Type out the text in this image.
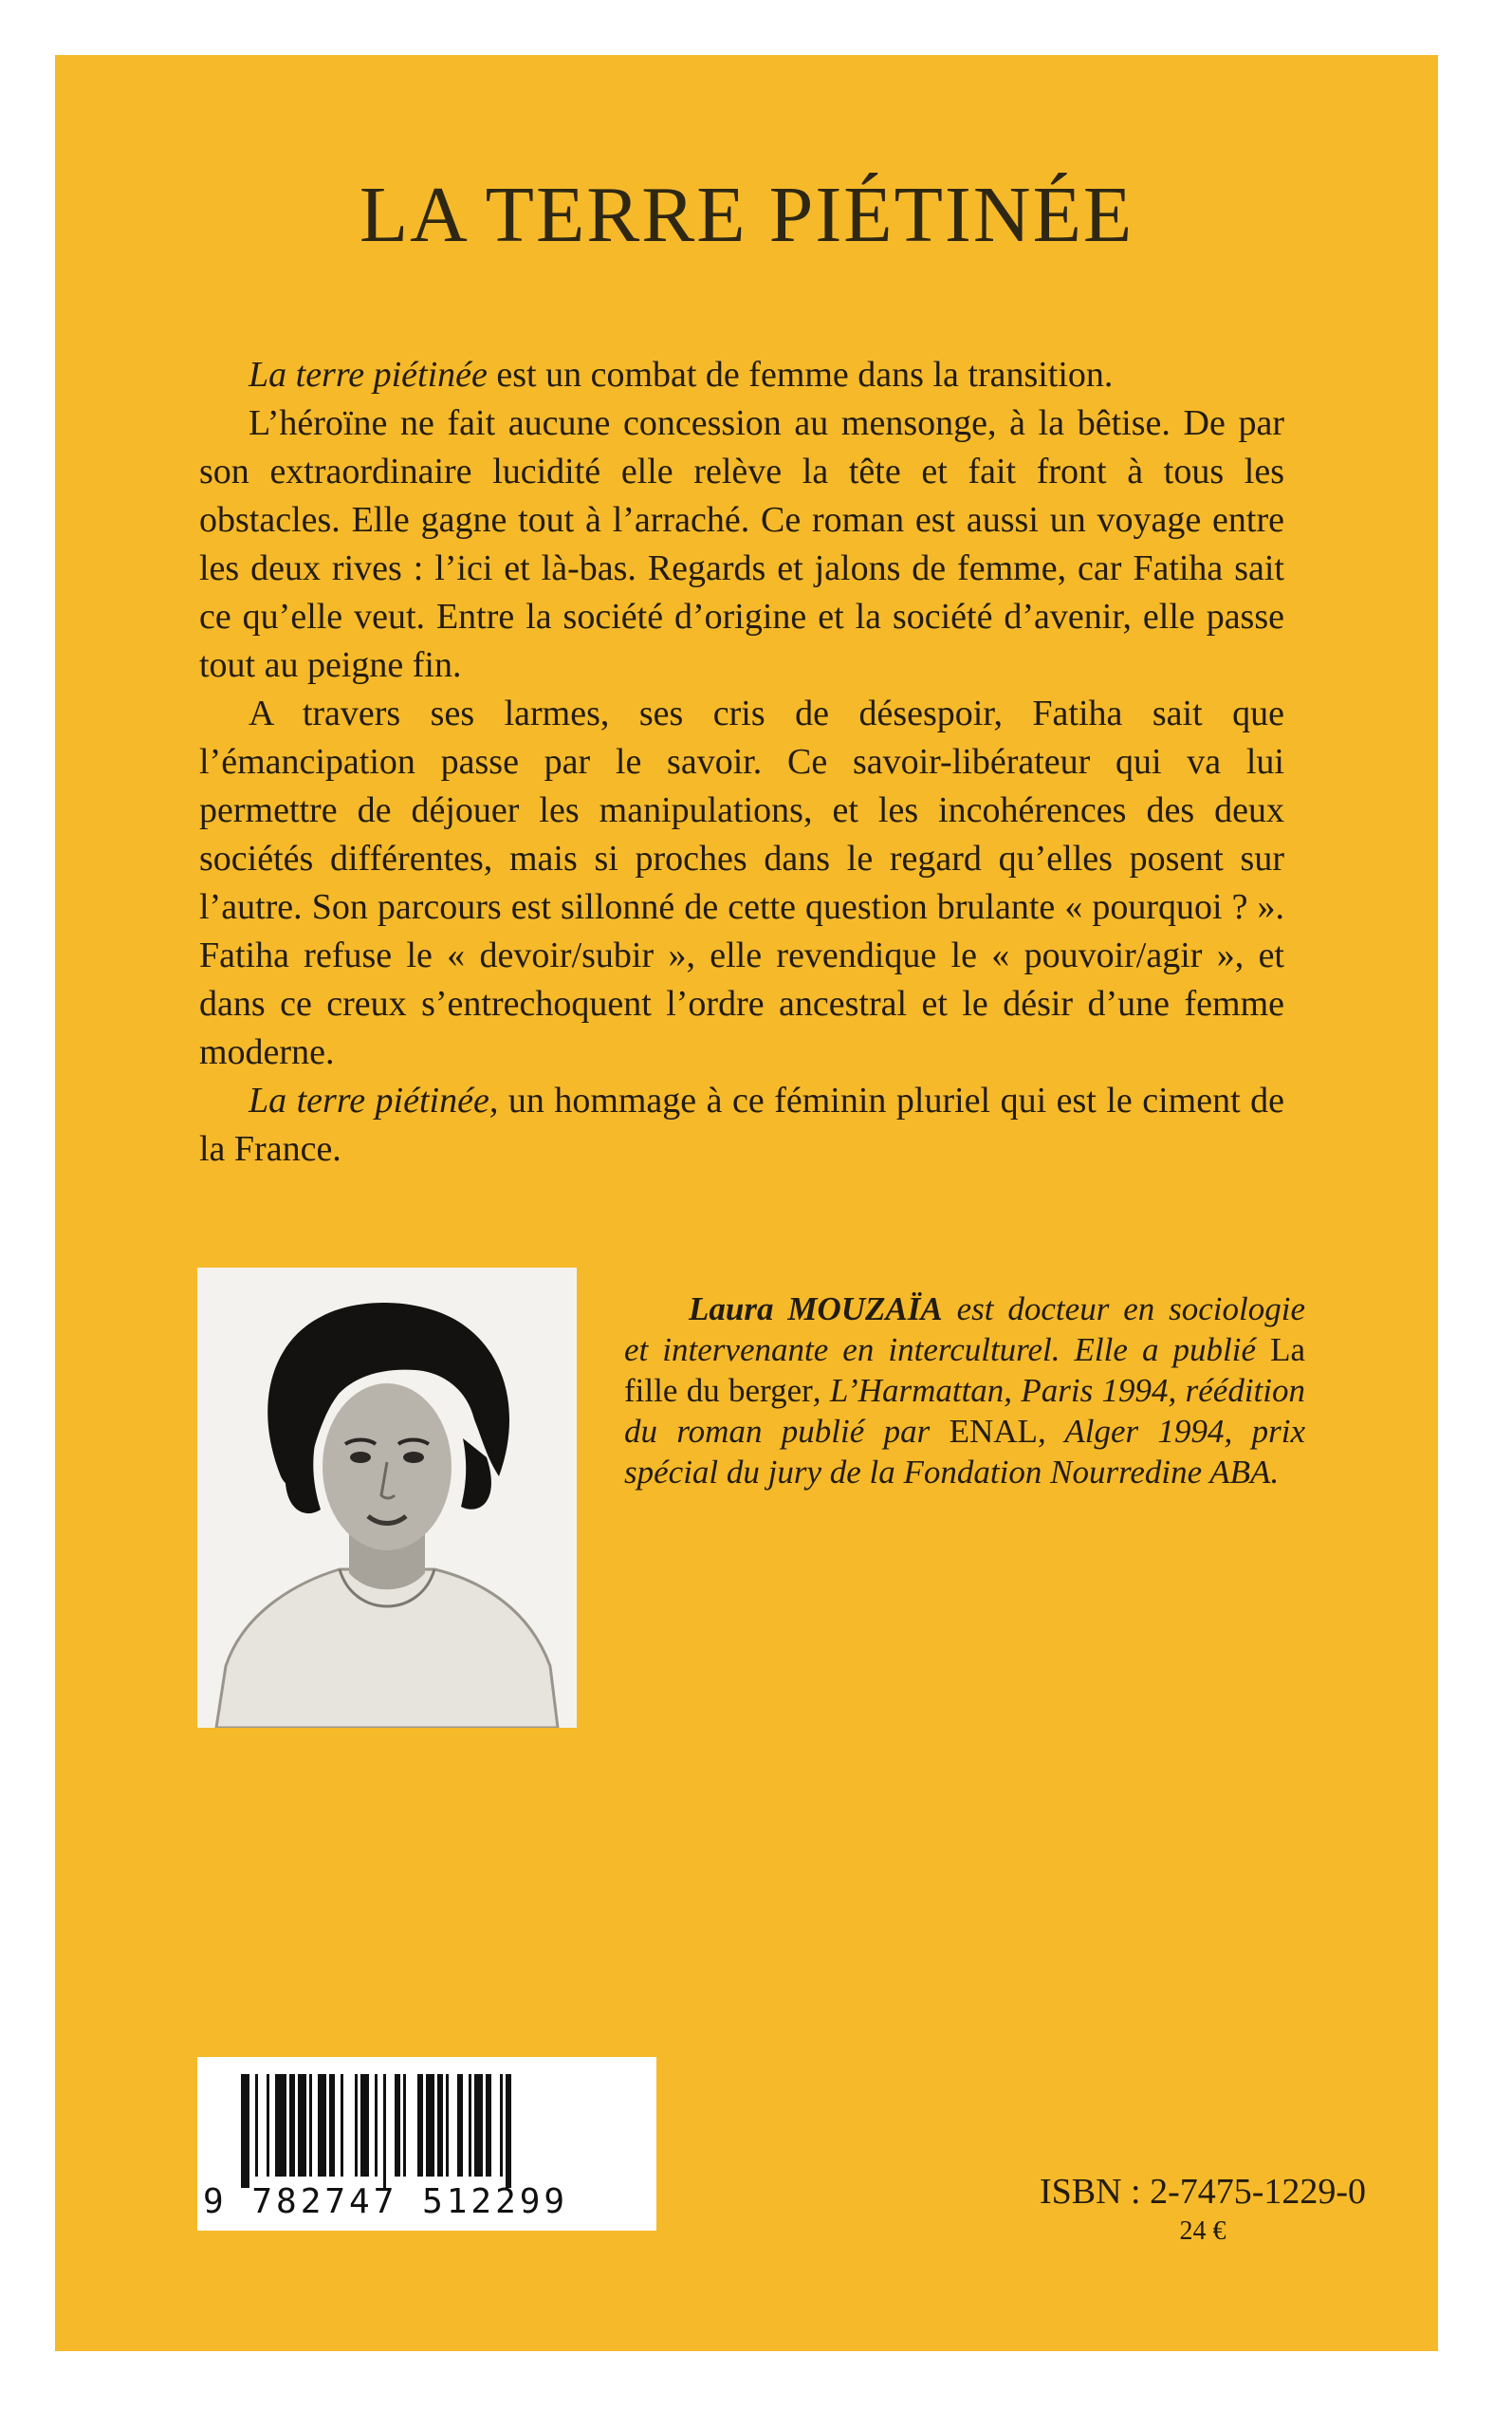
LA TERRE PIÉTINÉE

La terre piétinée est un combat de femme dans la transition.

L’héroïne ne fait aucune concession au mensonge, à la bêtise. De par son extraordinaire lucidité elle relève la tête et fait front à tous les obstacles. Elle gagne tout à l’arraché. Ce roman est aussi un voyage entre les deux rives : l’ici et là-bas. Regards et jalons de femme, car Fatiha sait ce qu’elle veut. Entre la société d’origine et la société d’avenir, elle passe tout au peigne fin.

A travers ses larmes, ses cris de désespoir, Fatiha sait que l’émancipation passe par le savoir. Ce savoir-libérateur qui va lui permettre de déjouer les manipulations, et les incohérences des deux sociétés différentes, mais si proches dans le regard qu’elles posent sur l’autre. Son parcours est sillonné de cette question brulante « pourquoi ? ». Fatiha refuse le « devoir/subir », elle revendique le « pouvoir/agir », et dans ce creux s’entrechoquent l’ordre ancestral et le désir d’une femme moderne.

La terre piétinée, un hommage à ce féminin pluriel qui est le ciment de la France.

Laura MOUZAÏA est docteur en sociologie et intervenante en interculturel. Elle a publié La fille du berger, L’Harmattan, Paris 1994, réédition du roman publié par ENAL, Alger 1994, prix spécial du jury de la Fondation Nourredine ABA.
9 782747 512299	ISBN : 2-7475-1229-0
24 €
